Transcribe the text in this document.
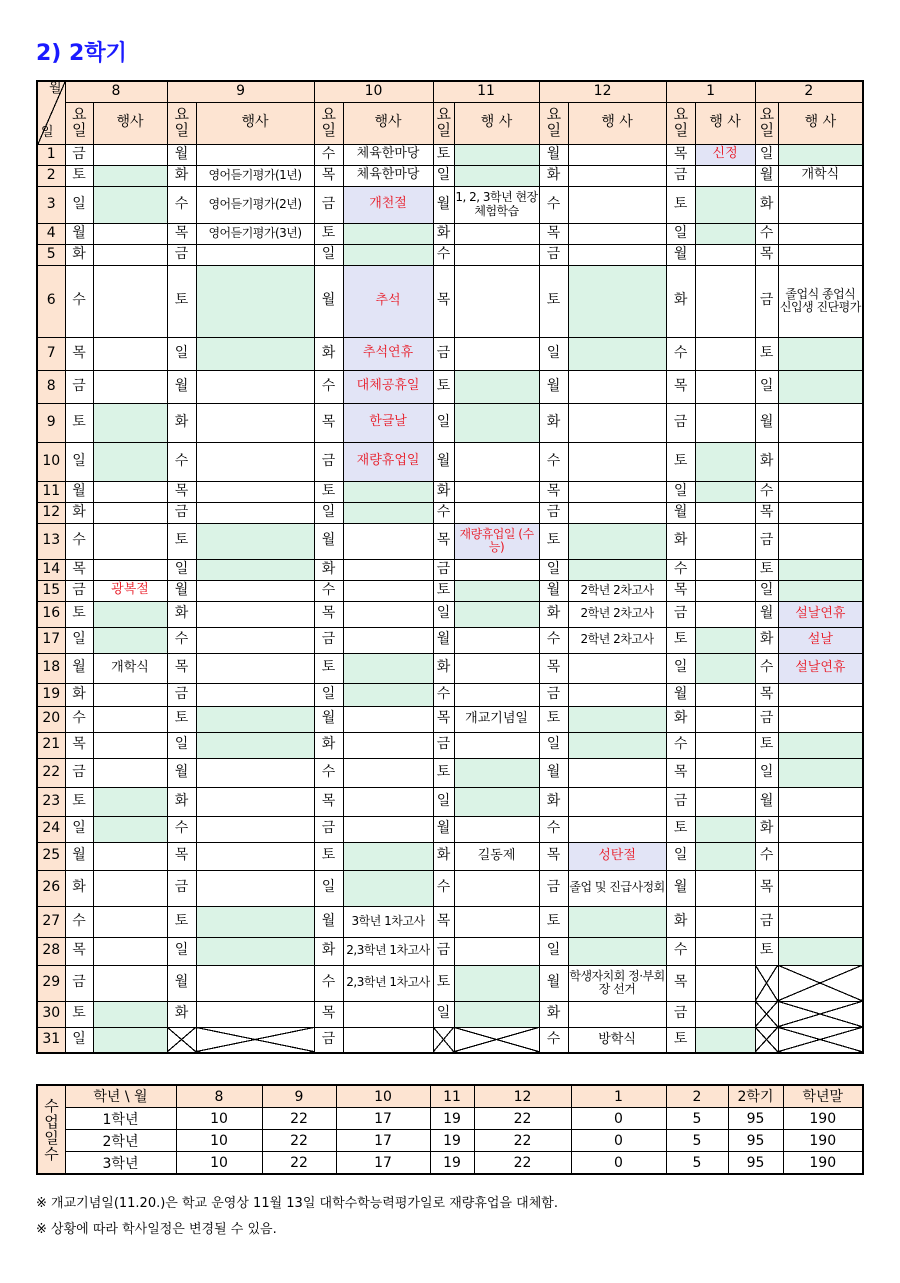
2) 2학기
월
일	8		9		10		11		12		1		2	
	요일	행사	요일	행사	요일	행사	요일	행 사	요일	행 사	요일	행 사	요일	행 사
1	금		월		수	체육한마당	토		월		목	신정	일	
2	토		화	영어듣기평가(1년)	목	체육한마당	일		화		금		월	개학식
3	일		수	영어듣기평가(2년)	금	개천절	월	1, 2, 3학년 현장체험학습	수		토		화	
4	월		목	영어듣기평가(3년)	토		화		목		일		수	
5	화		금		일		수		금		월		목	
6	수		토		월	추석	목		토		화		금	졸업식 종업식 신입생 진단평가
7	목		일		화	추석연휴	금		일		수		토	
8	금		월		수	대체공휴일	토		월		목		일	
9	토		화		목	한글날	일		화		금		월	
10	일		수		금	재량휴업일	월		수		토		화	
11	월		목		토		화		목		일		수	
12	화		금		일		수		금		월		목	
13	수		토		월		목	재량휴업일 (수능)	토		화		금	
14	목		일		화		금		일		수		토	
15	금	광복절	월		수		토		월	2학년 2차고사	목		일	
16	토		화		목		일		화	2학년 2차고사	금		월	설날연휴
17	일		수		금		월		수	2학년 2차고사	토		화	설날
18	월	개학식	목		토		화		목		일		수	설날연휴
19	화		금		일		수		금		월		목	
20	수		토		월		목	개교기념일	토		화		금	
21	목		일		화		금		일		수		토	
22	금		월		수		토		월		목		일	
23	토		화		목		일		화		금		월	
24	일		수		금		월		수		토		화	
25	월		목		토		화	길동제	목	성탄절	일		수	
26	화		금		일		수		금	졸업 및 진급사정회	월		목	
27	수		토		월	3학년 1차고사	목		토		화		금	
28	목		일		화	2,3학년 1차고사	금		일		수		토	
29	금		월		수	2,3학년 1차고사	토		월	학생자치회 정·부회장 선거	목			
30	토		화		목		일		화		금			
31	일				금				수	방학식	토			
수업일수	학년 \ 월	8	9	10	11	12	1	2	2학기	학년말
	1학년	10	22	17	19	22	0	5	95	190
	2학년	10	22	17	19	22	0	5	95	190
	3학년	10	22	17	19	22	0	5	95	190
※ 개교기념일(11.20.)은 학교 운영상 11월 13일 대학수학능력평가일로 재량휴업을 대체함.
※ 상황에 따라 학사일정은 변경될 수 있음.
